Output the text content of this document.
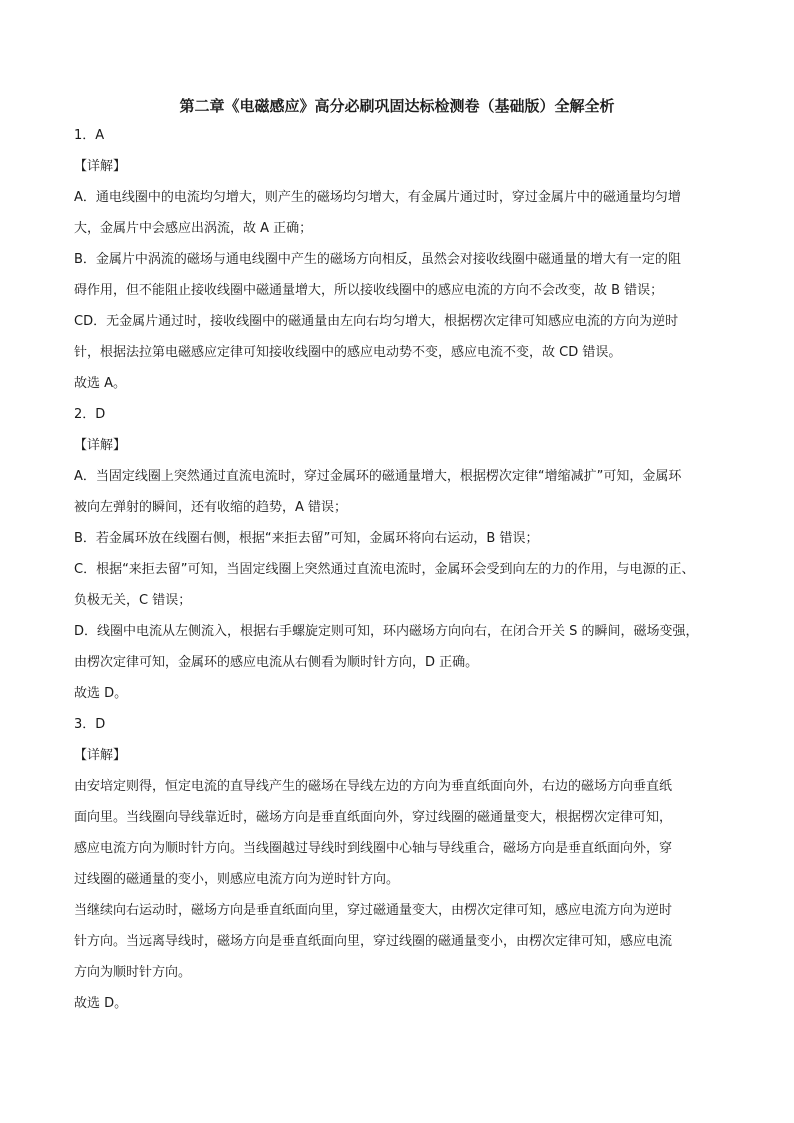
第二章《电磁感应》高分必刷巩固达标检测卷（基础版）全解全析
1．A
【详解】
A．通电线圈中的电流均匀增大，则产生的磁场均匀增大，有金属片通过时，穿过金属片中的磁通量均匀增
大，金属片中会感应出涡流，故 A 正确；
B．金属片中涡流的磁场与通电线圈中产生的磁场方向相反，虽然会对接收线圈中磁通量的增大有一定的阻
碍作用，但不能阻止接收线圈中磁通量增大，所以接收线圈中的感应电流的方向不会改变，故 B 错误；
CD．无金属片通过时，接收线圈中的磁通量由左向右均匀增大，根据楞次定律可知感应电流的方向为逆时
针，根据法拉第电磁感应定律可知接收线圈中的感应电动势不变，感应电流不变，故 CD 错误。
故选 A。
2．D
【详解】
A．当固定线圈上突然通过直流电流时，穿过金属环的磁通量增大，根据楞次定律“增缩减扩”可知，金属环
被向左弹射的瞬间，还有收缩的趋势，A 错误；
B．若金属环放在线圈右侧，根据“来拒去留”可知，金属环将向右运动，B 错误；
C．根据“来拒去留”可知，当固定线圈上突然通过直流电流时，金属环会受到向左的力的作用，与电源的正、
负极无关，C 错误；
D．线圈中电流从左侧流入，根据右手螺旋定则可知，环内磁场方向向右，在闭合开关 S 的瞬间，磁场变强，
由楞次定律可知，金属环的感应电流从右侧看为顺时针方向，D 正确。
故选 D。
3．D
【详解】
由安培定则得，恒定电流的直导线产生的磁场在导线左边的方向为垂直纸面向外，右边的磁场方向垂直纸
面向里。当线圈向导线靠近时，磁场方向是垂直纸面向外，穿过线圈的磁通量变大，根据楞次定律可知，
感应电流方向为顺时针方向。当线圈越过导线时到线圈中心轴与导线重合，磁场方向是垂直纸面向外，穿
过线圈的磁通量的变小，则感应电流方向为逆时针方向。
当继续向右运动时，磁场方向是垂直纸面向里，穿过磁通量变大，由楞次定律可知，感应电流方向为逆时
针方向。当远离导线时，磁场方向是垂直纸面向里，穿过线圈的磁通量变小，由楞次定律可知，感应电流
方向为顺时针方向。
故选 D。
